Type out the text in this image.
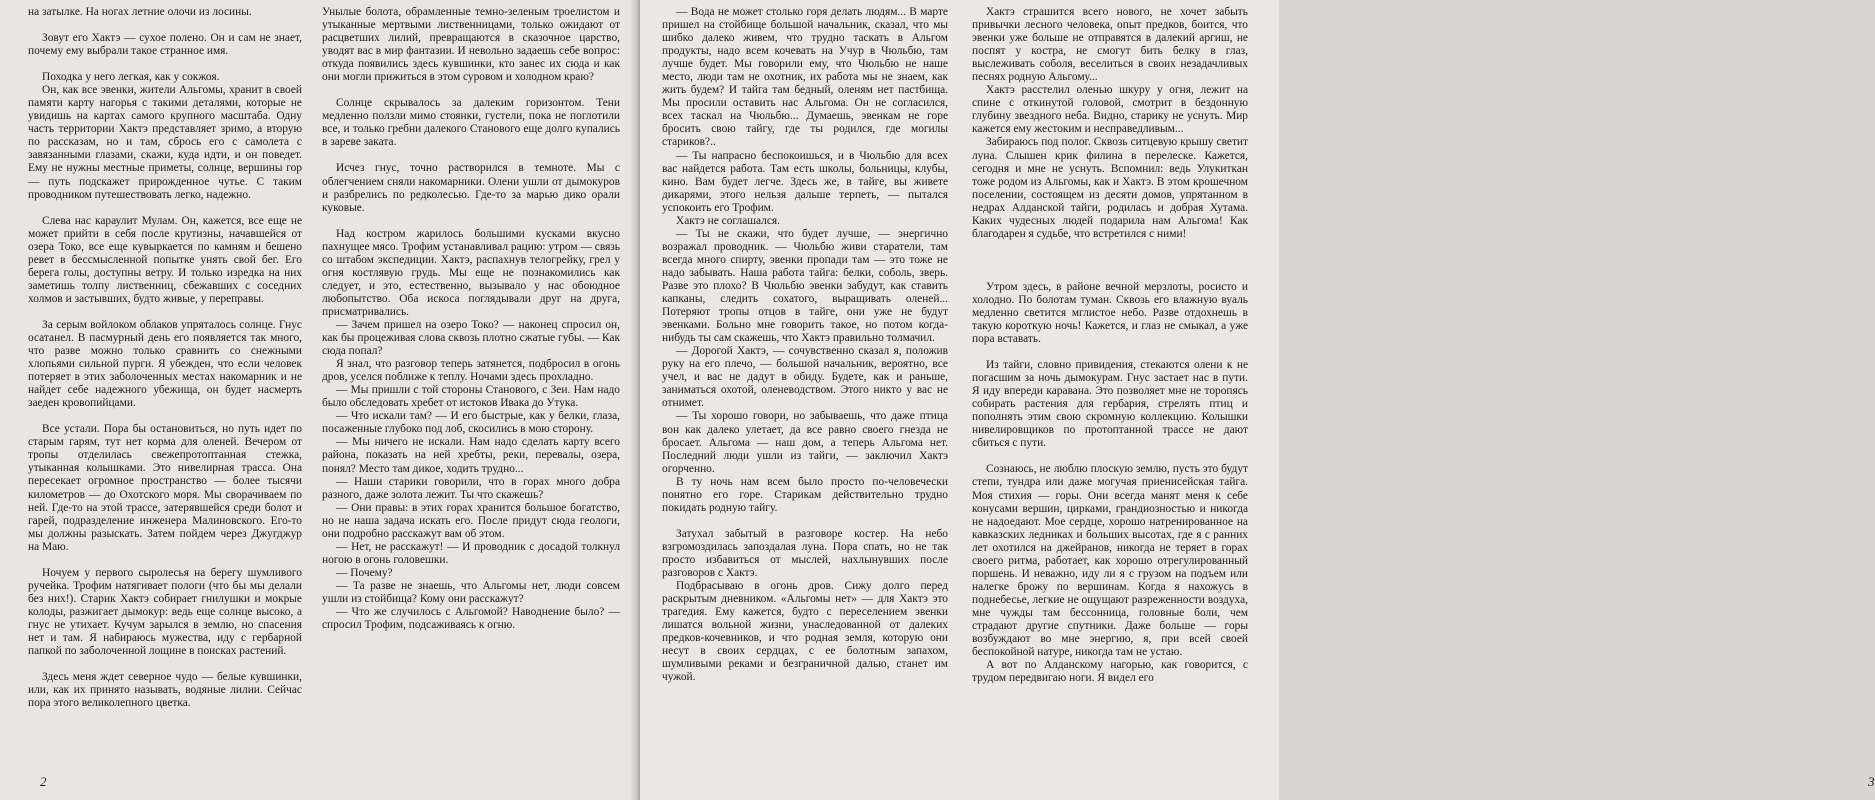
на затылке. На ногах летние олочи из лосины.

Зовут его Хактэ — сухое полено. Он и сам не знает, почему ему выбрали такое странное имя.

Походка у него легкая, как у сокжоя.

Он, как все эвенки, жители Альгомы, хранит в своей памяти карту нагорья с такими деталями, которые не увидишь на картах самого крупного масштаба. Одну часть территории Хактэ представляет зримо, а вторую по рассказам, но и там, сбрось его с самолета с завязанными глазами, скажи, куда идти, и он поведет. Ему не нужны местные приметы, солнце, вершины гор — путь подскажет прирожденное чутье. С таким проводником путешествовать легко, надежно.

Слева нас караулит Мулам. Он, кажется, все еще не может прийти в себя после крутизны, начавшейся от озера Токо, все еще кувыркается по камням и бешено ревет в бессмысленной попытке унять свой бег. Его берега голы, доступны ветру. И только изредка на них заметишь толпу лиственниц, сбежавших с соседних холмов и застывших, будто живые, у переправы.

За серым войлоком облаков упряталось солнце. Гнус осатанел. В пасмурный день его появляется так много, что разве можно только сравнить со снежными хлопьями сильной пурги. Я убежден, что если человек потеряет в этих заболоченных местах накомарник и не найдет себе надежного убежища, он будет насмерть заеден кровопийцами.

Все устали. Пора бы остановиться, но путь идет по старым гарям, тут нет корма для оленей. Вечером от тропы отделилась свежепротоптанная стежка, утыканная колышками. Это нивелирная трасса. Она пересекает огромное пространство — более тысячи километров — до Охотского моря. Мы сворачиваем по ней. Где-то на этой трассе, затерявшейся среди болот и гарей, подразделение инженера Малиновского. Его-то мы должны разыскать. Затем пойдем через Джугджур на Маю.

Ночуем у первого сыролесья на берегу шумливого ручейка. Трофим натягивает пологи (что бы мы делали без них!). Старик Хактэ собирает гнилушки и мокрые колоды, разжигает дымокур: ведь еще солнце высоко, а гнус не утихает. Кучум зарылся в землю, но спасения нет и там. Я набираюсь мужества, иду с гербарной папкой по заболоченной лощине в поисках растений.

Здесь меня ждет северное чудо — белые кувшинки, или, как их принято называть, водяные лилии. Сейчас пора этого великолепного цветка.

Унылые болота, обрамленные темно-зеленым троелистом и утыканные мертвыми лиственницами, только ожидают от расцветших лилий, превращаются в сказочное царство, уводят вас в мир фантазии. И невольно задаешь себе вопрос: откуда появились здесь кувшинки, кто занес их сюда и как они могли прижиться в этом суровом и холодном краю?

Солнце скрывалось за далеким горизонтом. Тени медленно ползли мимо стоянки, густели, пока не поглотили все, и только гребни далекого Станового еще долго купались в зареве заката.

Исчез гнус, точно растворился в темноте. Мы с облегчением сняли накомарники. Олени ушли от дымокуров и разбрелись по редколесью. Где-то за марью дико орали куковые.

Над костром жарилось большими кусками вкусно пахнущее мясо. Трофим устанавливал рацию: утром — связь со штабом экспедиции. Хактэ, распахнув телогрейку, грел у огня костлявую грудь. Мы еще не познакомились как следует, и это, естественно, вызывало у нас обоюдное любопытство. Оба искоса поглядывали друг на друга, присматривались.

— Зачем пришел на озеро Токо? — наконец спросил он, как бы процеживая слова сквозь плотно сжатые губы. — Как сюда попал?

Я знал, что разговор теперь затянется, подбросил в огонь дров, уселся поближе к теплу. Ночами здесь прохладно.

— Мы пришли с той стороны Станового, с Зеи. Нам надо было обследовать хребет от истоков Ивака до Утука.

— Что искали там? — И его быстрые, как у белки, глаза, посаженные глубоко под лоб, скосились в мою сторону.

— Мы ничего не искали. Нам надо сделать карту всего района, показать на ней хребты, реки, перевалы, озера, понял? Место там дикое, ходить трудно...

— Наши старики говорили, что в горах много добра разного, даже золота лежит. Ты что скажешь?

— Они правы: в этих горах хранится большое богатство, но не наша задача искать его. После придут сюда геологи, они подробно расскажут вам об этом.

— Нет, не расскажут! — И проводник с досадой толкнул ногою в огонь головешки.

— Почему?

— Та разве не знаешь, что Альгомы нет, люди совсем ушли из стойбища? Кому они расскажут?

— Что же случилось с Альгомой? Наводнение было? — спросил Трофим, подсаживаясь к огню.

2	3

— Вода не может столько горя делать людям... В марте пришел на стойбище большой начальник, сказал, что мы шибко далеко живем, что трудно таскать в Альгом продукты, надо всем кочевать на Учур в Чюльбю, там лучше будет. Мы говорили ему, что Чюльбю не наше место, люди там не охотник, их работа мы не знаем, как жить будем? И тайга там бедный, оленям нет пастбища. Мы просили оставить нас Альгома. Он не согласился, всех таскал на Чюльбю... Думаешь, эвенкам не горе бросить свою тайгу, где ты родился, где могилы стариков?..

— Ты напрасно беспокоишься, и в Чюльбю для всех вас найдется работа. Там есть школы, больницы, клубы, кино. Вам будет легче. Здесь же, в тайге, вы живете дикарями, этого нельзя дальше терпеть, — пытался успокоить его Трофим.

Хактэ не соглашался.

— Ты не скажи, что будет лучше, — энергично возражал проводник. — Чюльбю живи старатели, там всегда много спирту, эвенки пропади там — это тоже не надо забывать. Наша работа тайга: белки, соболь, зверь. Разве это плохо? В Чюльбю эвенки забудут, как ставить капканы, следить сохатого, выращивать оленей... Потеряют тропы отцов в тайге, они уже не будут эвенками. Больно мне говорить такое, но потом когда-нибудь ты сам скажешь, что Хактэ правильно толмачил.

— Дорогой Хактэ, — сочувственно сказал я, положив руку на его плечо, — большой начальник, вероятно, все учел, и вас не дадут в обиду. Будете, как и раньше, заниматься охотой, оленеводством. Этого никто у вас не отнимет.

— Ты хорошо говори, но забываешь, что даже птица вон как далеко улетает, да все равно своего гнезда не бросает. Альгома — наш дом, а теперь Альгома нет. Последний люди ушли из тайги, — заключил Хактэ огорченно.

В ту ночь нам всем было просто по-человечески понятно его горе. Старикам действительно трудно покидать родную тайгу.

Затухал забытый в разговоре костер. На небо взгромоздилась запоздалая луна. Пора спать, но не так просто избавиться от мыслей, нахлынувших после разговоров с Хактэ.

Подбрасываю в огонь дров. Сижу долго перед раскрытым дневником. «Альгомы нет» — для Хактэ это трагедия. Ему кажется, будто с переселением эвенки лишатся вольной жизни, унаследованной от далеких предков-кочевников, и что родная земля, которую они несут в своих сердцах, с ее болотным запахом, шумливыми реками и безграничной далью, станет им чужой.

Хактэ страшится всего нового, не хочет забыть привычки лесного человека, опыт предков, боится, что эвенки уже больше не отправятся в далекий аргиш, не поспят у костра, не смогут бить белку в глаз, выслеживать соболя, веселиться в своих незадачливых песнях родную Альгому...

Хактэ расстелил оленью шкуру у огня, лежит на спине с откинутой головой, смотрит в бездонную глубину звездного неба. Видно, старику не уснуть. Мир кажется ему жестоким и несправедливым...

Забираюсь под полог. Сквозь ситцевую крышу светит луна. Слышен крик филина в перелеске. Кажется, сегодня и мне не уснуть. Вспомнил: ведь Улукиткан тоже родом из Альгомы, как и Хактэ. В этом крошечном поселении, состоящем из десяти домов, упрятанном в недрах Алданской тайги, родилась и добрая Хутама. Каких чудесных людей подарила нам Альгома! Как благодарен я судьбе, что встретился с ними!

Утром здесь, в районе вечной мерзлоты, росисто и холодно. По болотам туман. Сквозь его влажную вуаль медленно светится мглистое небо. Разве отдохнешь в такую короткую ночь! Кажется, и глаз не смыкал, а уже пора вставать.

Из тайги, словно привидения, стекаются олени к не погасшим за ночь дымокурам. Гнус застает нас в пути. Я иду впереди каравана. Это позволяет мне не торопясь собирать растения для гербария, стрелять птиц и пополнять этим свою скромную коллекцию. Колышки нивелировщиков по протоптанной трассе не дают сбиться с пути.

Сознаюсь, не люблю плоскую землю, пусть это будут степи, тундра или даже могучая приенисейская тайга. Моя стихия — горы. Они всегда манят меня к себе конусами вершин, цирками, грандиозностью и никогда не надоедают. Мое сердце, хорошо натренированное на кавказских ледниках и больших высотах, где я с ранних лет охотился на джейранов, никогда не теряет в горах своего ритма, работает, как хорошо отрегулированный поршень. И неважно, иду ли я с грузом на подъем или налегке брожу по вершинам. Когда я нахожусь в поднебесье, легкие не ощущают разреженности воздуха, мне чужды там бессонница, головные боли, чем страдают другие спутники. Даже больше — горы возбуждают во мне энергию, я, при всей своей беспокойной натуре, никогда там не устаю.

А вот по Алданскому нагорью, как говорится, с трудом передвигаю ноги. Я видел его
